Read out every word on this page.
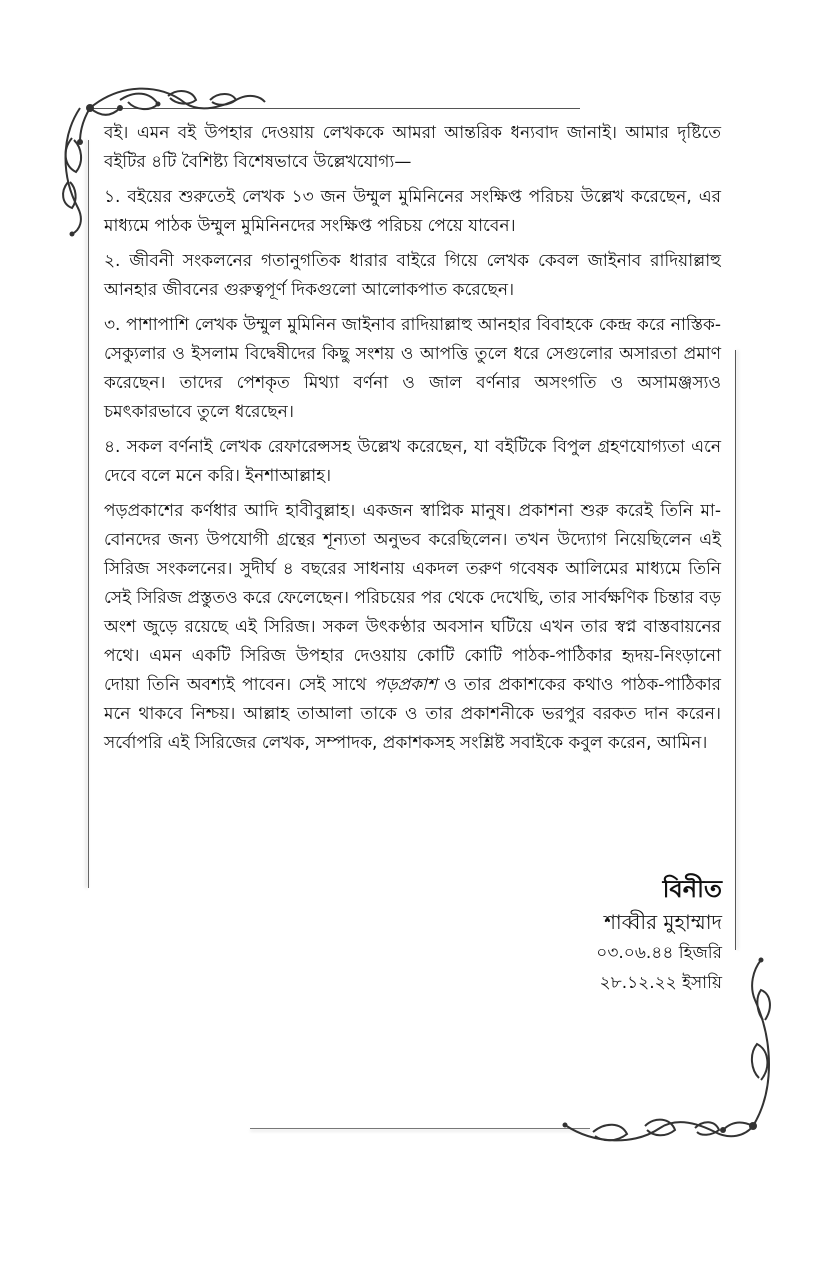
বই। এমন বই উপহার দেওয়ায় লেখককে আমরা আন্তরিক ধন্যবাদ জানাই। আমার দৃষ্টিতে বইটির ৪টি বৈশিষ্ট্য বিশেষভাবে উল্লেখযোগ্য—

১. বইয়ের শুরুতেই লেখক ১৩ জন উম্মুল মুমিনিনের সংক্ষিপ্ত পরিচয় উল্লেখ করেছেন, এর মাধ্যমে পাঠক উম্মুল মুমিনিনদের সংক্ষিপ্ত পরিচয় পেয়ে যাবেন।

২. জীবনী সংকলনের গতানুগতিক ধারার বাইরে গিয়ে লেখক কেবল জাইনাব রাদিয়াল্লাহু আনহার জীবনের গুরুত্বপূর্ণ দিকগুলো আলোকপাত করেছেন।

৩. পাশাপাশি লেখক উম্মুল মুমিনিন জাইনাব রাদিয়াল্লাহু আনহার বিবাহকে কেন্দ্র করে নাস্তিক-সেক্যুলার ও ইসলাম বিদ্বেষীদের কিছু সংশয় ও আপত্তি তুলে ধরে সেগুলোর অসারতা প্রমাণ করেছেন। তাদের পেশকৃত মিথ্যা বর্ণনা ও জাল বর্ণনার অসংগতি ও অসামঞ্জস্যও চমৎকারভাবে তুলে ধরেছেন।

৪. সকল বর্ণনাই লেখক রেফারেন্সসহ উল্লেখ করেছেন, যা বইটিকে বিপুল গ্রহণযোগ্যতা এনে দেবে বলে মনে করি। ইনশাআল্লাহ।

পড়প্রকাশের কর্ণধার আদি হাবীবুল্লাহ। একজন স্বাপ্নিক মানুষ। প্রকাশনা শুরু করেই তিনি মা-বোনদের জন্য উপযোগী গ্রন্থের শূন্যতা অনুভব করেছিলেন। তখন উদ্যোগ নিয়েছিলেন এই সিরিজ সংকলনের। সুদীর্ঘ ৪ বছরের সাধনায় একদল তরুণ গবেষক আলিমের মাধ্যমে তিনি সেই সিরিজ প্রস্তুতও করে ফেলেছেন। পরিচয়ের পর থেকে দেখেছি, তার সার্বক্ষণিক চিন্তার বড় অংশ জুড়ে রয়েছে এই সিরিজ। সকল উৎকণ্ঠার অবসান ঘটিয়ে এখন তার স্বপ্ন বাস্তবায়নের পথে। এমন একটি সিরিজ উপহার দেওয়ায় কোটি কোটি পাঠক-পাঠিকার হৃদয়-নিংড়ানো দোয়া তিনি অবশ্যই পাবেন। সেই সাথে পড়প্রকাশ ও তার প্রকাশকের কথাও পাঠক-পাঠিকার মনে থাকবে নিশ্চয়। আল্লাহ তাআলা তাকে ও তার প্রকাশনীকে ভরপুর বরকত দান করেন। সর্বোপরি এই সিরিজের লেখক, সম্পাদক, প্রকাশকসহ সংশ্লিষ্ট সবাইকে কবুল করেন, আমিন।

বিনীত
শাব্বীর মুহাম্মাদ
০৩.০৬.৪৪ হিজরি
২৮.১২.২২ ইসায়ি
